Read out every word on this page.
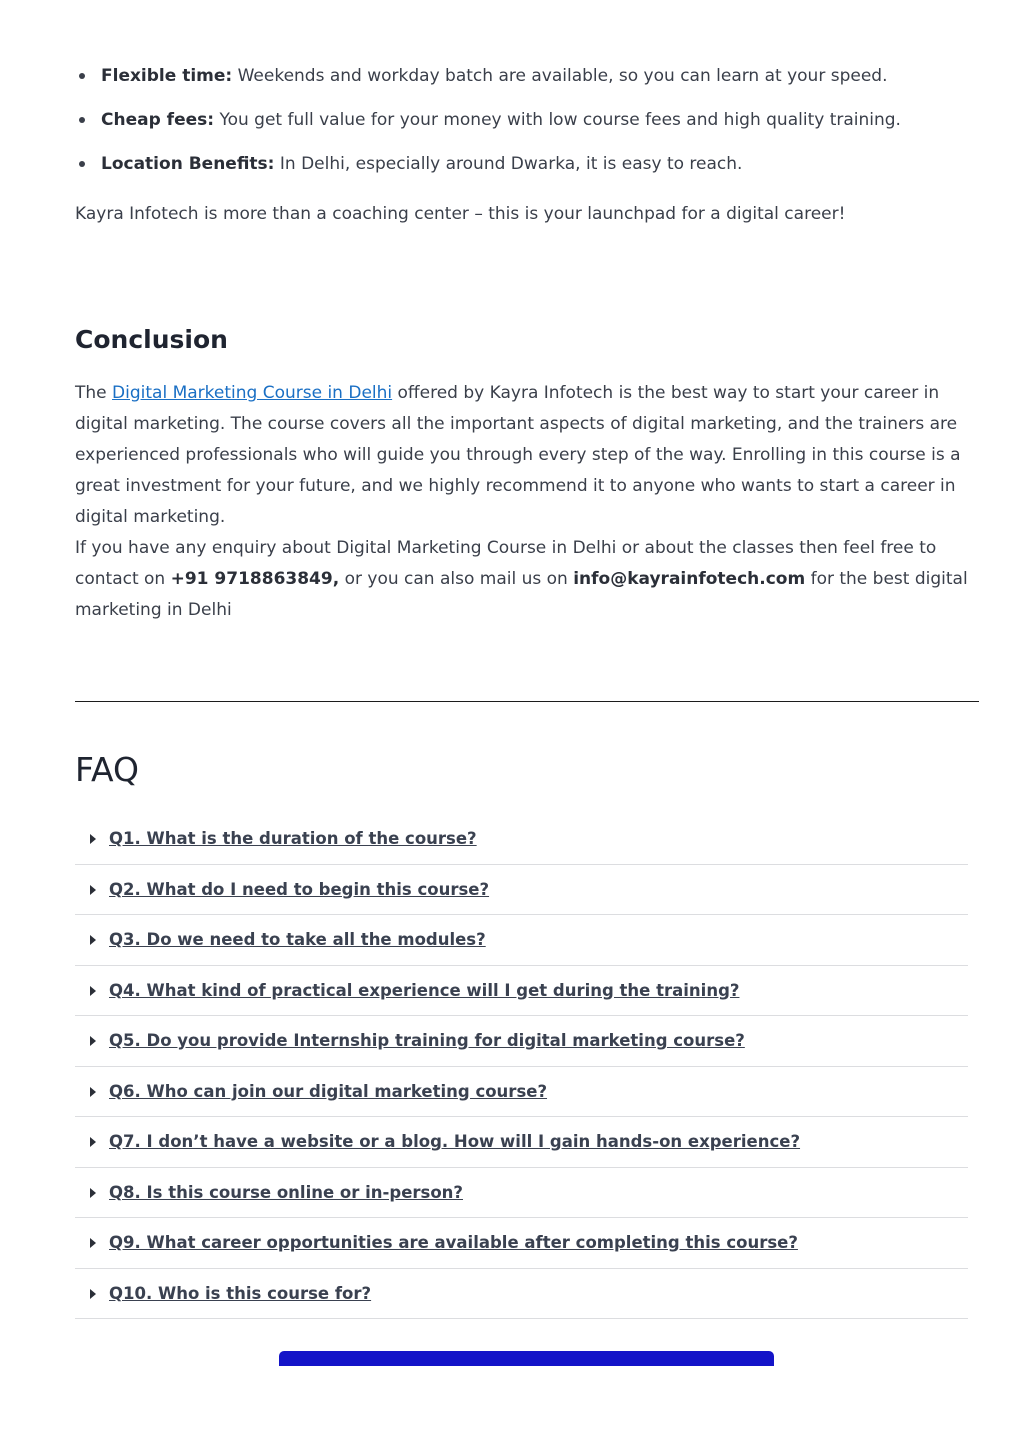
Flexible time: Weekends and workday batch are available, so you can learn at your speed.
Cheap fees: You get full value for your money with low course fees and high quality training.
Location Benefits: In Delhi, especially around Dwarka, it is easy to reach.
Kayra Infotech is more than a coaching center – this is your launchpad for a digital career!
Conclusion
The Digital Marketing Course in Delhi offered by Kayra Infotech is the best way to start your career in digital marketing. The course covers all the important aspects of digital marketing, and the trainers are experienced professionals who will guide you through every step of the way. Enrolling in this course is a great investment for your future, and we highly recommend it to anyone who wants to start a career in digital marketing.
If you have any enquiry about Digital Marketing Course in Delhi or about the classes then feel free to contact on +91 9718863849, or you can also mail us on info@kayrainfotech.com for the best digital marketing in Delhi
FAQ
Q1. What is the duration of the course?
Q2. What do I need to begin this course?
Q3. Do we need to take all the modules?
Q4. What kind of practical experience will I get during the training?
Q5. Do you provide Internship training for digital marketing course?
Q6. Who can join our digital marketing course?
Q7. I don’t have a website or a blog. How will I gain hands-on experience?
Q8. Is this course online or in-person?
Q9. What career opportunities are available after completing this course?
Q10. Who is this course for?
